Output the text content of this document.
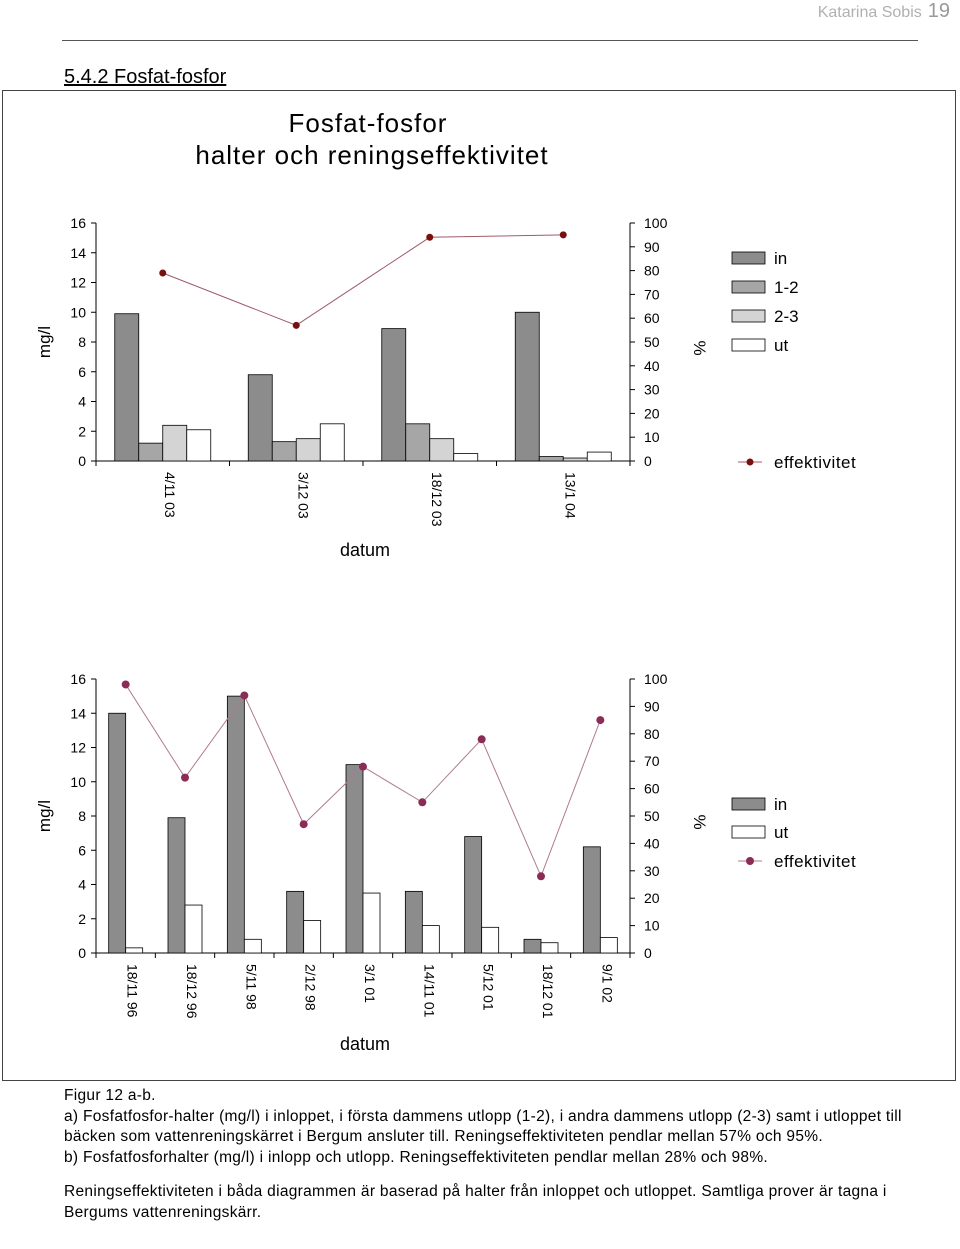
Katarina Sobis 19
5.4.2 Fosfat-fosfor
Fosfat-fosfor
halter och reningseffektivitet
0
2
4
6
8
10
12
14
16
0
10
20
30
40
50
60
70
80
90
100
mg/l	%
datum
4/11 03	3/12 03	18/12 03	13/1 04
in
1-2
2-3
ut
effektivitet
0
2
4
6
8
10
12
14
16
0
10
20
30
40
50
60
70
80
90
100
mg/l	%
datum
18/11 96	18/12 96	5/11 98	2/12 98	3/1 01	14/11 01	5/12 01	18/12 01	9/1 02
in
ut
effektivitet

Figur 12 a-b.

a) Fosfatfosfor-halter (mg/l) i inloppet, i första dammens utlopp (1-2), i andra dammens utlopp (2-3) samt i utloppet till bäcken som vattenreningskärret i Bergum ansluter till. Reningseffektiviteten pendlar mellan 57% och 95%.

b) Fosfatfosforhalter (mg/l) i inlopp och utlopp. Reningseffektiviteten pendlar mellan 28% och 98%.

Reningseffektiviteten i båda diagrammen är baserad på halter från inloppet och utloppet. Samtliga prover är tagna i Bergums vattenreningskärr.
